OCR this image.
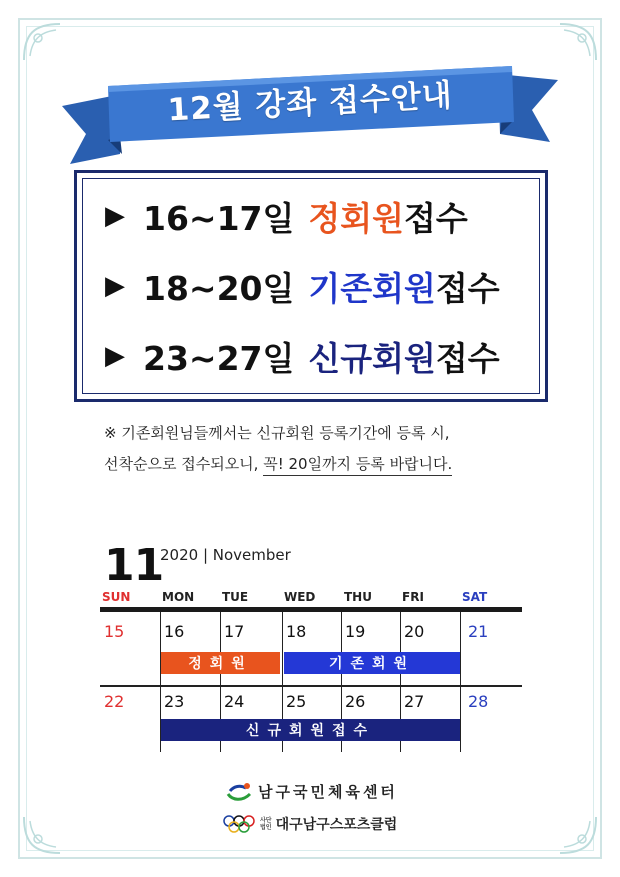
12월 강좌 접수안내
▶ 16~17일 정회원 접수
▶ 18~20일 기존회원 접수
▶ 23~27일 신규회원 접수
※ 기존회원님들께서는 신규회원 등록기간에 등록 시,
선착순으로 접수되오니, 꼭! 20일까지 등록 바랍니다.
11
2020 | November
SUN	MON TUE	WED THU	FRI	SAT
15 16 17	18 19 20	21
정회원	기존회원
22 23 24	25 26 27	28
신규회원접수
남구국민체육센터
사단
법인 대구남구스포츠클럽
